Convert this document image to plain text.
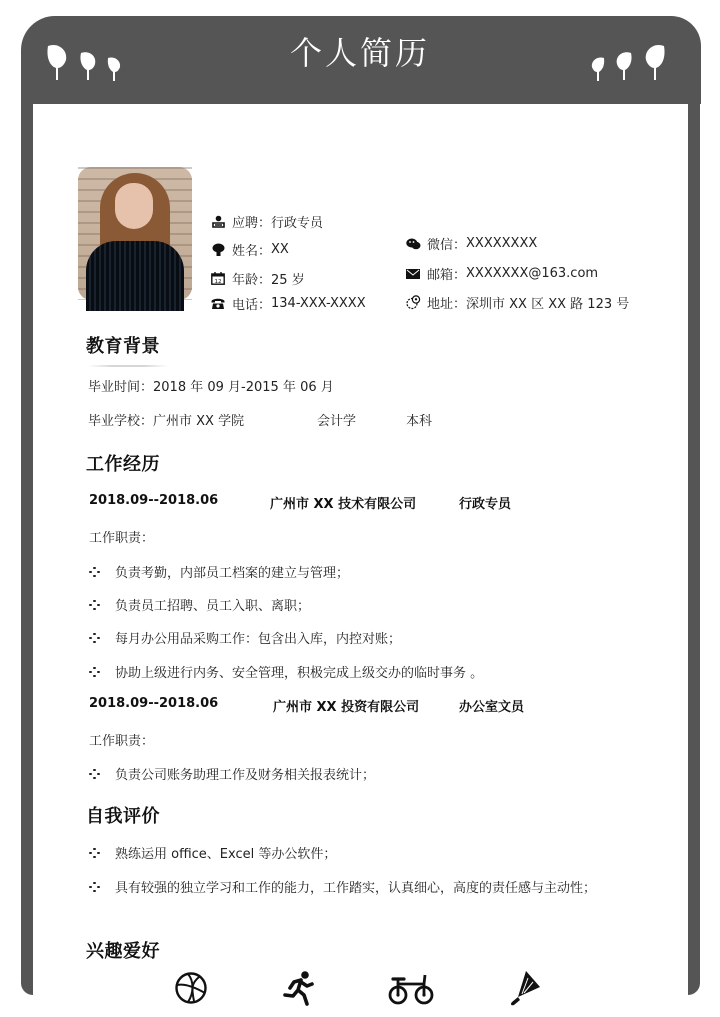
个人简历
应聘： 行政专员
姓名： XX
12 年龄： 25 岁
电话： 134-XXX-XXXX
微信： XXXXXXXX
邮箱： XXXXXXX@163.com
地址： 深圳市 XX 区 XX 路 123 号
教育背景
毕业时间：2018 年 09 月-2015 年 06 月
毕业学校：广州市 XX 学院	会计学	本科
工作经历
2018.09--2018.06	广州市 XX 技术有限公司	行政专员
工作职责：
负责考勤，内部员工档案的建立与管理；
负责员工招聘、员工入职、离职；
每月办公用品采购工作：包含出入库，内控对账；
协助上级进行内务、安全管理，积极完成上级交办的临时事务 。
2018.09--2018.06	广州市 XX 投资有限公司	办公室文员
工作职责：
负责公司账务助理工作及财务相关报表统计；
自我评价
熟练运用 office、Excel 等办公软件；
具有较强的独立学习和工作的能力，工作踏实，认真细心，高度的责任感与主动性；
兴趣爱好
